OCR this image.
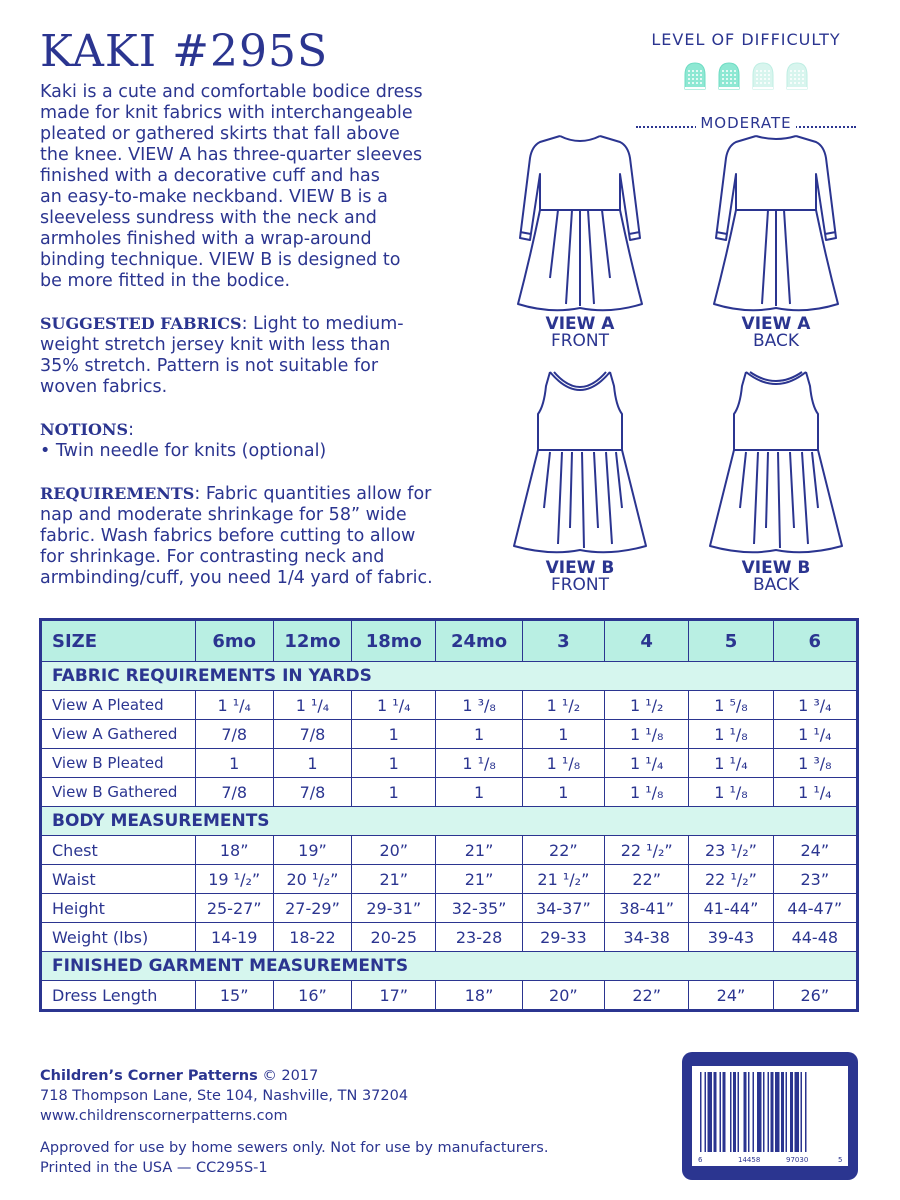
KAKI #295S

Kaki is a cute and comfortable bodice dress

made for knit fabrics with interchangeable

pleated or gathered skirts that fall above

the knee. VIEW A has three-quarter sleeves

finished with a decorative cuff and has

an easy-to-make neckband. VIEW B is a

sleeveless sundress with the neck and

armholes finished with a wrap-around

binding technique. VIEW B is designed to

be more fitted in the bodice.

SUGGESTED FABRICS: Light to medium-

weight stretch jersey knit with less than

35% stretch. Pattern is not suitable for

woven fabrics.

NOTIONS:

• Twin needle for knits (optional)

REQUIREMENTS: Fabric quantities allow for

nap and moderate shrinkage for 58” wide

fabric. Wash fabrics before cutting to allow

for shrinkage. For contrasting neck and

armbinding/cuff, you need 1/4 yard of fabric.

LEVEL OF DIFFICULTY

MODERATE
VIEW A
FRONT
VIEW A
BACK
VIEW B
FRONT
VIEW B
BACK
SIZE	6mo	12mo	18mo	24mo	3	4	5	6
FABRIC REQUIREMENTS IN YARDS								
View A Pleated	1 ¹/₄	1 ¹/₄	1 ¹/₄	1 ³/₈	1 ¹/₂	1 ¹/₂	1 ⁵/₈	1 ³/₄
View A Gathered	7/8	7/8	1	1	1	1 ¹/₈	1 ¹/₈	1 ¹/₄
View B Pleated	1	1	1	1 ¹/₈	1 ¹/₈	1 ¹/₄	1 ¹/₄	1 ³/₈
View B Gathered	7/8	7/8	1	1	1	1 ¹/₈	1 ¹/₈	1 ¹/₄
BODY MEASUREMENTS								
Chest	18”	19”	20”	21”	22”	22 ¹/₂”	23 ¹/₂”	24”
Waist	19 ¹/₂”	20 ¹/₂”	21”	21”	21 ¹/₂”	22”	22 ¹/₂”	23”
Height	25-27”	27-29”	29-31”	32-35”	34-37”	38-41”	41-44”	44-47”
Weight (lbs)	14-19	18-22	20-25	23-28	29-33	34-38	39-43	44-48
FINISHED GARMENT MEASUREMENTS								
Dress Length	15”	16”	17”	18”	20”	22”	24”	26”

Children’s Corner Patterns © 2017

718 Thompson Lane, Ste 104, Nashville, TN 37204

www.childrenscornerpatterns.com

Approved for use by home sewers only. Not for use by manufacturers.

Printed in the USA — CC295S-1	6	14458	97030	5
